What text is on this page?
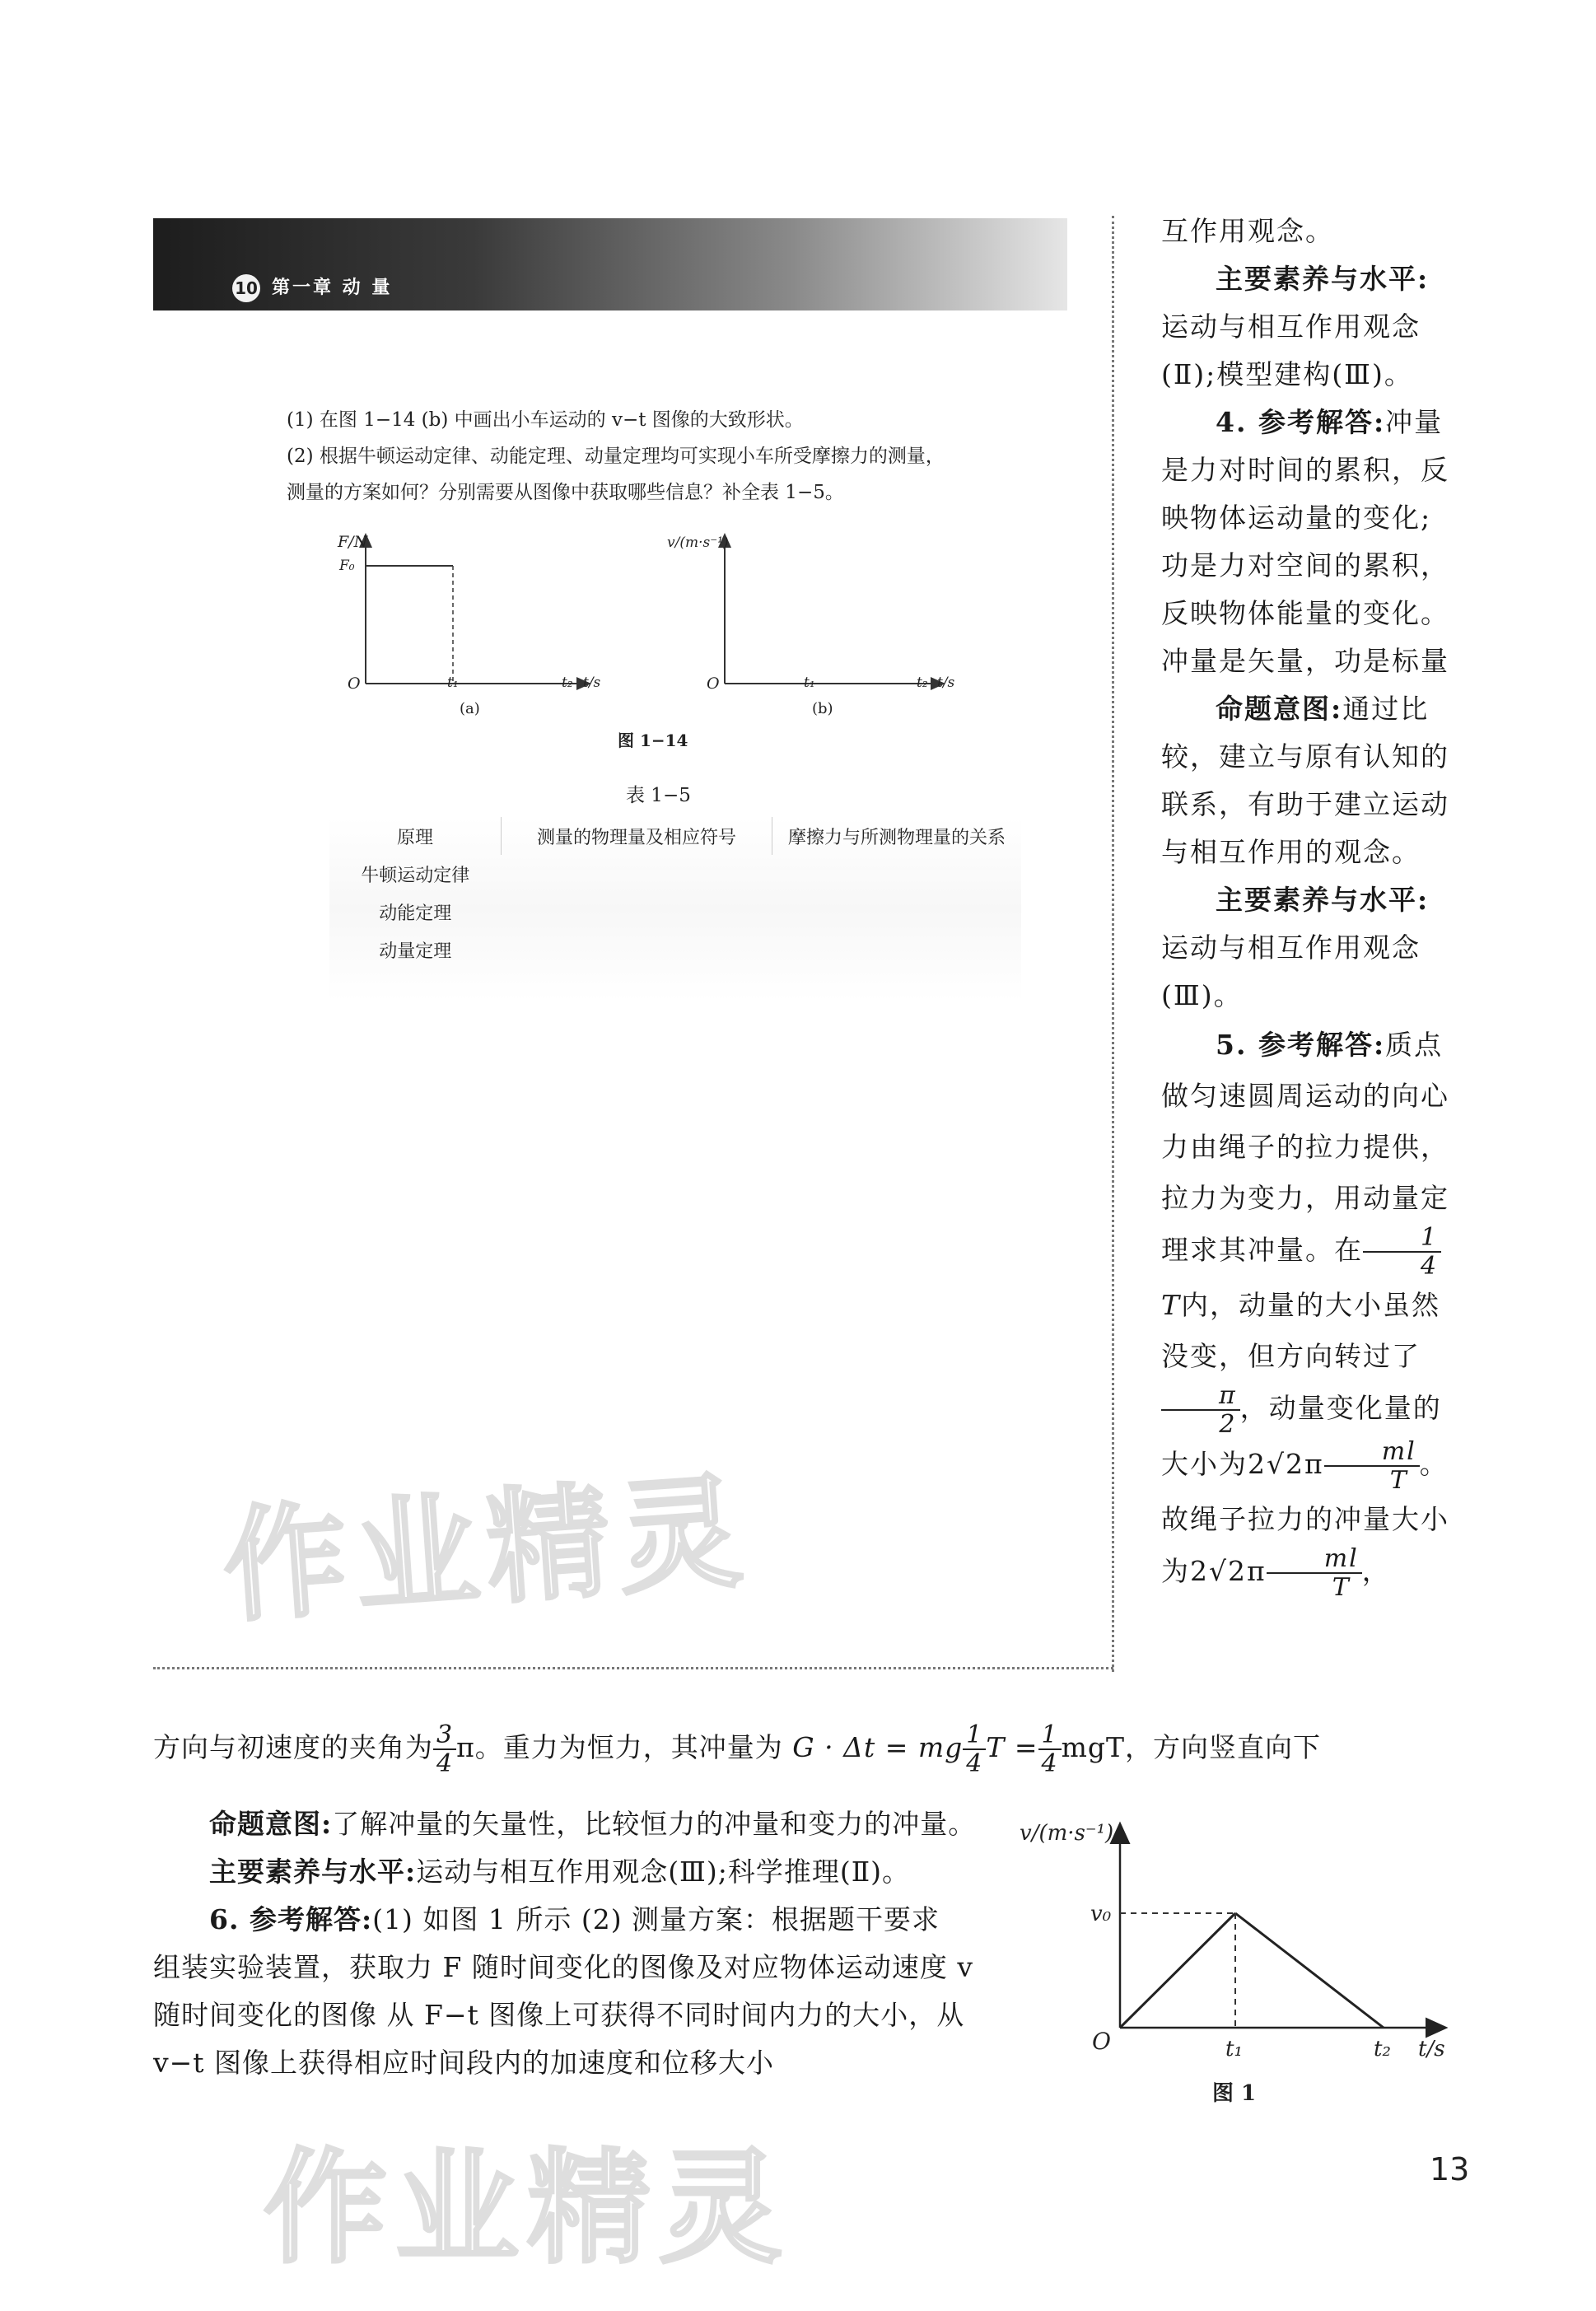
10 第一章 动 量
(1) 在图 1−14 (b) 中画出小车运动的 v−t 图像的大致形状。
(2) 根据牛顿运动定律、动能定理、动量定理均可实现小车所受摩擦力的测量，
测量的方案如何？分别需要从图像中获取哪些信息？补全表 1−5。
F/N
F₀
O	t₁	t₂ t/s
(a)
v/(m·s⁻¹)
O	t₁	t₂ t/s
(b)
图 1−14
表 1−5
原理	测量的物理量及相应符号	摩擦力与所测物理量的关系
牛顿运动定律		
动能定理		
动量定理		
作业精灵
作业精灵

互作用观念。

主要素养与水平:运动与相互作用观念(Ⅱ);模型建构(Ⅲ)。

4. 参考解答:冲量是力对时间的累积，反映物体运动量的变化;功是力对空间的累积，反映物体能量的变化。冲量是矢量，功是标量

命题意图:通过比较，建立与原有认知的联系，有助于建立运动与相互作用的观念。

主要素养与水平:运动与相互作用观念(Ⅲ)。

5. 参考解答:质点做匀速圆周运动的向心力由绳子的拉力提供，拉力为变力，用动量定理求其冲量。在 $\frac{1}{4}$
T内，动量的大小虽然没变，但方向转过了
$\frac{\pi}{2}$ ，动量变化量的大小为$2√2\pi \frac{ml}{T}$ 。故绳子拉力的冲量大小为$2√2\pi \frac{ml}{T}$ ，

方向与初速度的夹角为 $\frac{3}{4}$ π。重力为恒力，其冲量为 G · Δt = mg $\frac{1}{4}$ $T = \frac{1}{4}$ mgT，方向竖直向下
命题意图:了解冲量的矢量性，比较恒力的冲量和变力的冲量。
主要素养与水平:运动与相互作用观念(Ⅲ);科学推理(Ⅱ)。
6. 参考解答:(1) 如图 1 所示 (2) 测量方案：根据题干要求
组装实验装置，获取力 F 随时间变化的图像及对应物体运动速度 v
随时间变化的图像 从 F−t 图像上可获得不同时间内力的大小，从
v−t 图像上获得相应时间段内的加速度和位移大小
v/(m·s⁻¹)
v₀
O	t₁	t₂ t/s
图 1
13
